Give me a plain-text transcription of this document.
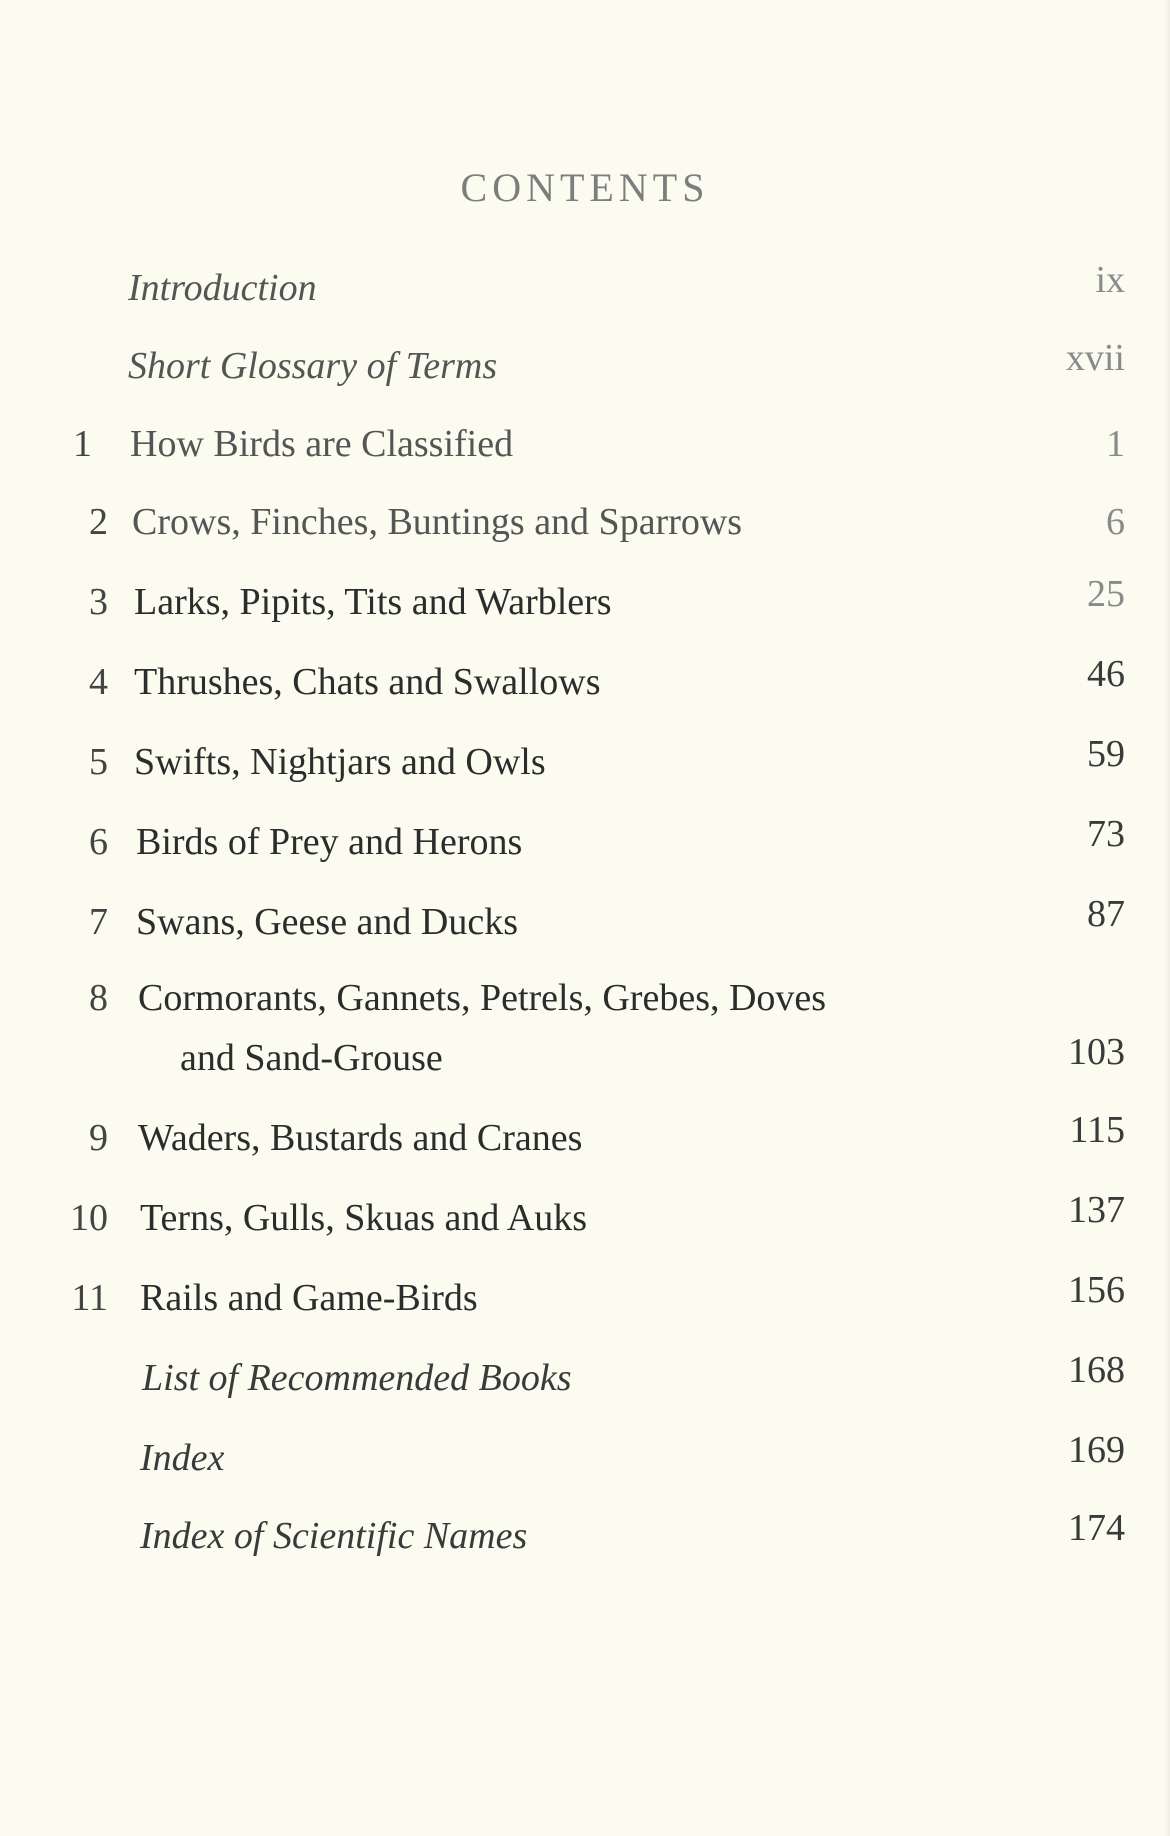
CONTENTS
Introduction	ix
Short Glossary of Terms	xvii
1 How Birds are Classified	1
2 Crows, Finches, Buntings and Sparrows	6
3 Larks, Pipits, Tits and Warblers	25
4 Thrushes, Chats and Swallows	46
5 Swifts, Nightjars and Owls	59
6 Birds of Prey and Herons	73
7 Swans, Geese and Ducks	87
8 Cormorants, Gannets, Petrels, Grebes, Doves
and Sand-Grouse	103
9 Waders, Bustards and Cranes	115
10 Terns, Gulls, Skuas and Auks	137
11 Rails and Game-Birds	156
List of Recommended Books	168
Index	169
Index of Scientific Names	174
